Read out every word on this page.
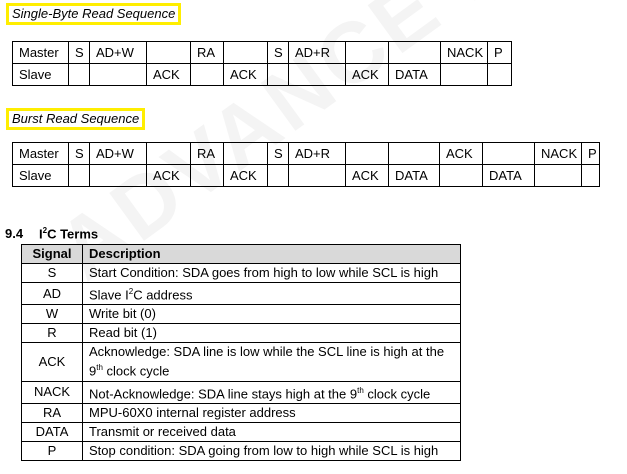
Single-Byte Read Sequence
Master	S	AD+W		RA		S	AD+R			NACK	P
Slave			ACK		ACK			ACK	DATA		
Burst Read Sequence
Master	S	AD+W		RA		S	AD+R			ACK		NACK	P
Slave			ACK		ACK			ACK	DATA		DATA		
9.4 $I^2C$ Terms
Signal	Description
S	Start Condition: SDA goes from high to low while SCL is high
AD	Slave $I^2C$ address
W	Write bit (0)
R	Read bit (1)
ACK	Acknowledge: SDA line is low while the SCL line is high at the 9th clock cycle
NACK	Not-Acknowledge: SDA line stays high at the 9th clock cycle
RA	MPU-60X0 internal register address
DATA	Transmit or received data
P	Stop condition: SDA going from low to high while SCL is high
